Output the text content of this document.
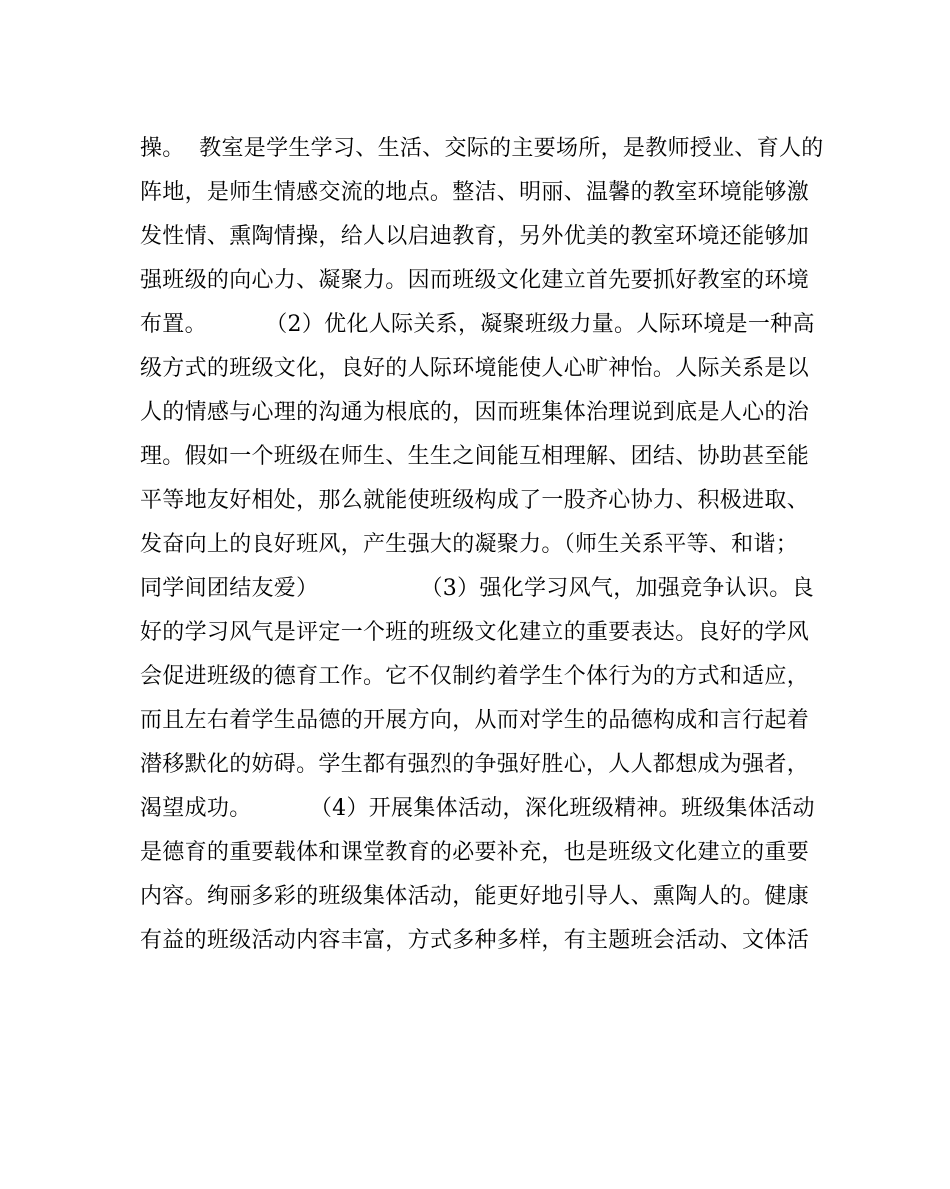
操。  教室是学生学习、生活、交际的主要场所，是教师授业、育人的
阵地，是师生情感交流的地点。整洁、明丽、温馨的教室环境能够激
发性情、熏陶情操，给人以启迪教育，另外优美的教室环境还能够加
强班级的向心力、凝聚力。因而班级文化建立首先要抓好教室的环境
布置。        （2）优化人际关系，凝聚班级力量。人际环境是一种高
级方式的班级文化，良好的人际环境能使人心旷神怡。人际关系是以
人的情感与心理的沟通为根底的，因而班集体治理说到底是人心的治
理。假如一个班级在师生、生生之间能互相理解、团结、协助甚至能
平等地友好相处，那么就能使班级构成了一股齐心协力、积极进取、
发奋向上的良好班风，产生强大的凝聚力。（师生关系平等、和谐；
同学间团结友爱）              （3）强化学习风气，加强竞争认识。良
好的学习风气是评定一个班的班级文化建立的重要表达。良好的学风
会促进班级的德育工作。它不仅制约着学生个体行为的方式和适应，
而且左右着学生品德的开展方向，从而对学生的品德构成和言行起着
潜移默化的妨碍。学生都有强烈的争强好胜心，人人都想成为强者，
渴望成功。        （4）开展集体活动，深化班级精神。班级集体活动
是德育的重要载体和课堂教育的必要补充，也是班级文化建立的重要
内容。绚丽多彩的班级集体活动，能更好地引导人、熏陶人的。健康
有益的班级活动内容丰富，方式多种多样，有主题班会活动、文体活
